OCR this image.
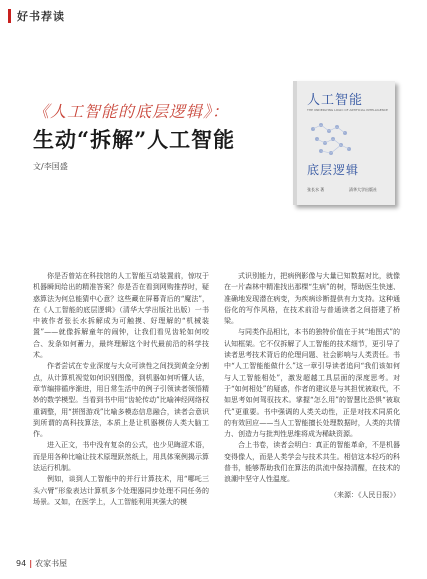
好书荐读
《人工智能的底层逻辑》：
生动“拆解”人工智能
文/李国盛
人工智能
THE UNDERLYING LOGIC OF ARTIFICIAL INTELLIGENCE
底层逻辑
张长水 著	清华大学出版社

你是否曾站在科技馆的人工智能互动装置前，惊叹于机器瞬间给出的精准答案？你是否在看到网购推荐时，疑惑算法为何总能猜中心意？这些藏在屏幕背后的“魔法”，在《人工智能的底层逻辑》（清华大学出版社出版）一书中被作者张长水拆解成为可触摸、好理解的“机械装置”——就像拆解童年的闹钟，让我们看见齿轮如何咬合、发条如何蓄力，最终理解这个时代最前沿的科学技术。

作者尝试在专业深度与大众可读性之间找到黄金分割点，从计算机视觉如何识别图像，到机器如何听懂人话，章节编排循序渐进，用日常生活中的例子引领读者领悟精妙的数学模型。当看到书中用“齿轮传动”比喻神经网络权重调整，用“拼图游戏”比喻多模态信息融合，读者会意识到所谓的高科技算法，本质上是让机器模仿人类大脑工作。

进入正文，书中没有复杂的公式，也少见晦涩术语，而是用各种比喻让技术原理跃然纸上，用具体案例揭示算法运行机制。

例如，谈到人工智能中的并行计算技术，用“哪吒三头六臂”形象表达计算机多个处理器同步处理不同任务的场景。又如，在医学上，人工智能利用其强大的模

式识别能力，把病例影像与大量已知数据对比，就像在一片森林中精准找出那棵“生病”的树，帮助医生快速、准确地发现潜在病变，为疾病诊断提供有力支持。这种通俗化的写作风格，在技术前沿与普通读者之间搭建了桥梁。

与同类作品相比，本书的独特价值在于其“地图式”的认知框架。它不仅拆解了人工智能的技术细节，更引导了读者思考技术背后的伦理问题、社会影响与人类责任。书中“人工智能能做什么”这一章引导读者追问“我们该如何与人工智能相处”，激发超越工具层面的深度思考。对于“如何相处”的疑惑，作者的建议是与其担忧被取代，不如思考如何驾驭技术。掌握“怎么用”的智慧比恐惧“被取代”更重要。书中强调的人类关动性，正是对技术同质化的有效回应——当人工智能擅长处理数据时，人类的共情力、创造力与批判性思维将成为稀缺资源。

合上书卷，读者会明白：真正的智能革命，不是机器变得像人，而是人类学会与技术共生。相信这本轻巧的科普书，能够帮助我们在算法的洪流中保持清醒，在技术的浪潮中坚守人性温度。

（来源：《人民日报》）
94 | 农家书屋
